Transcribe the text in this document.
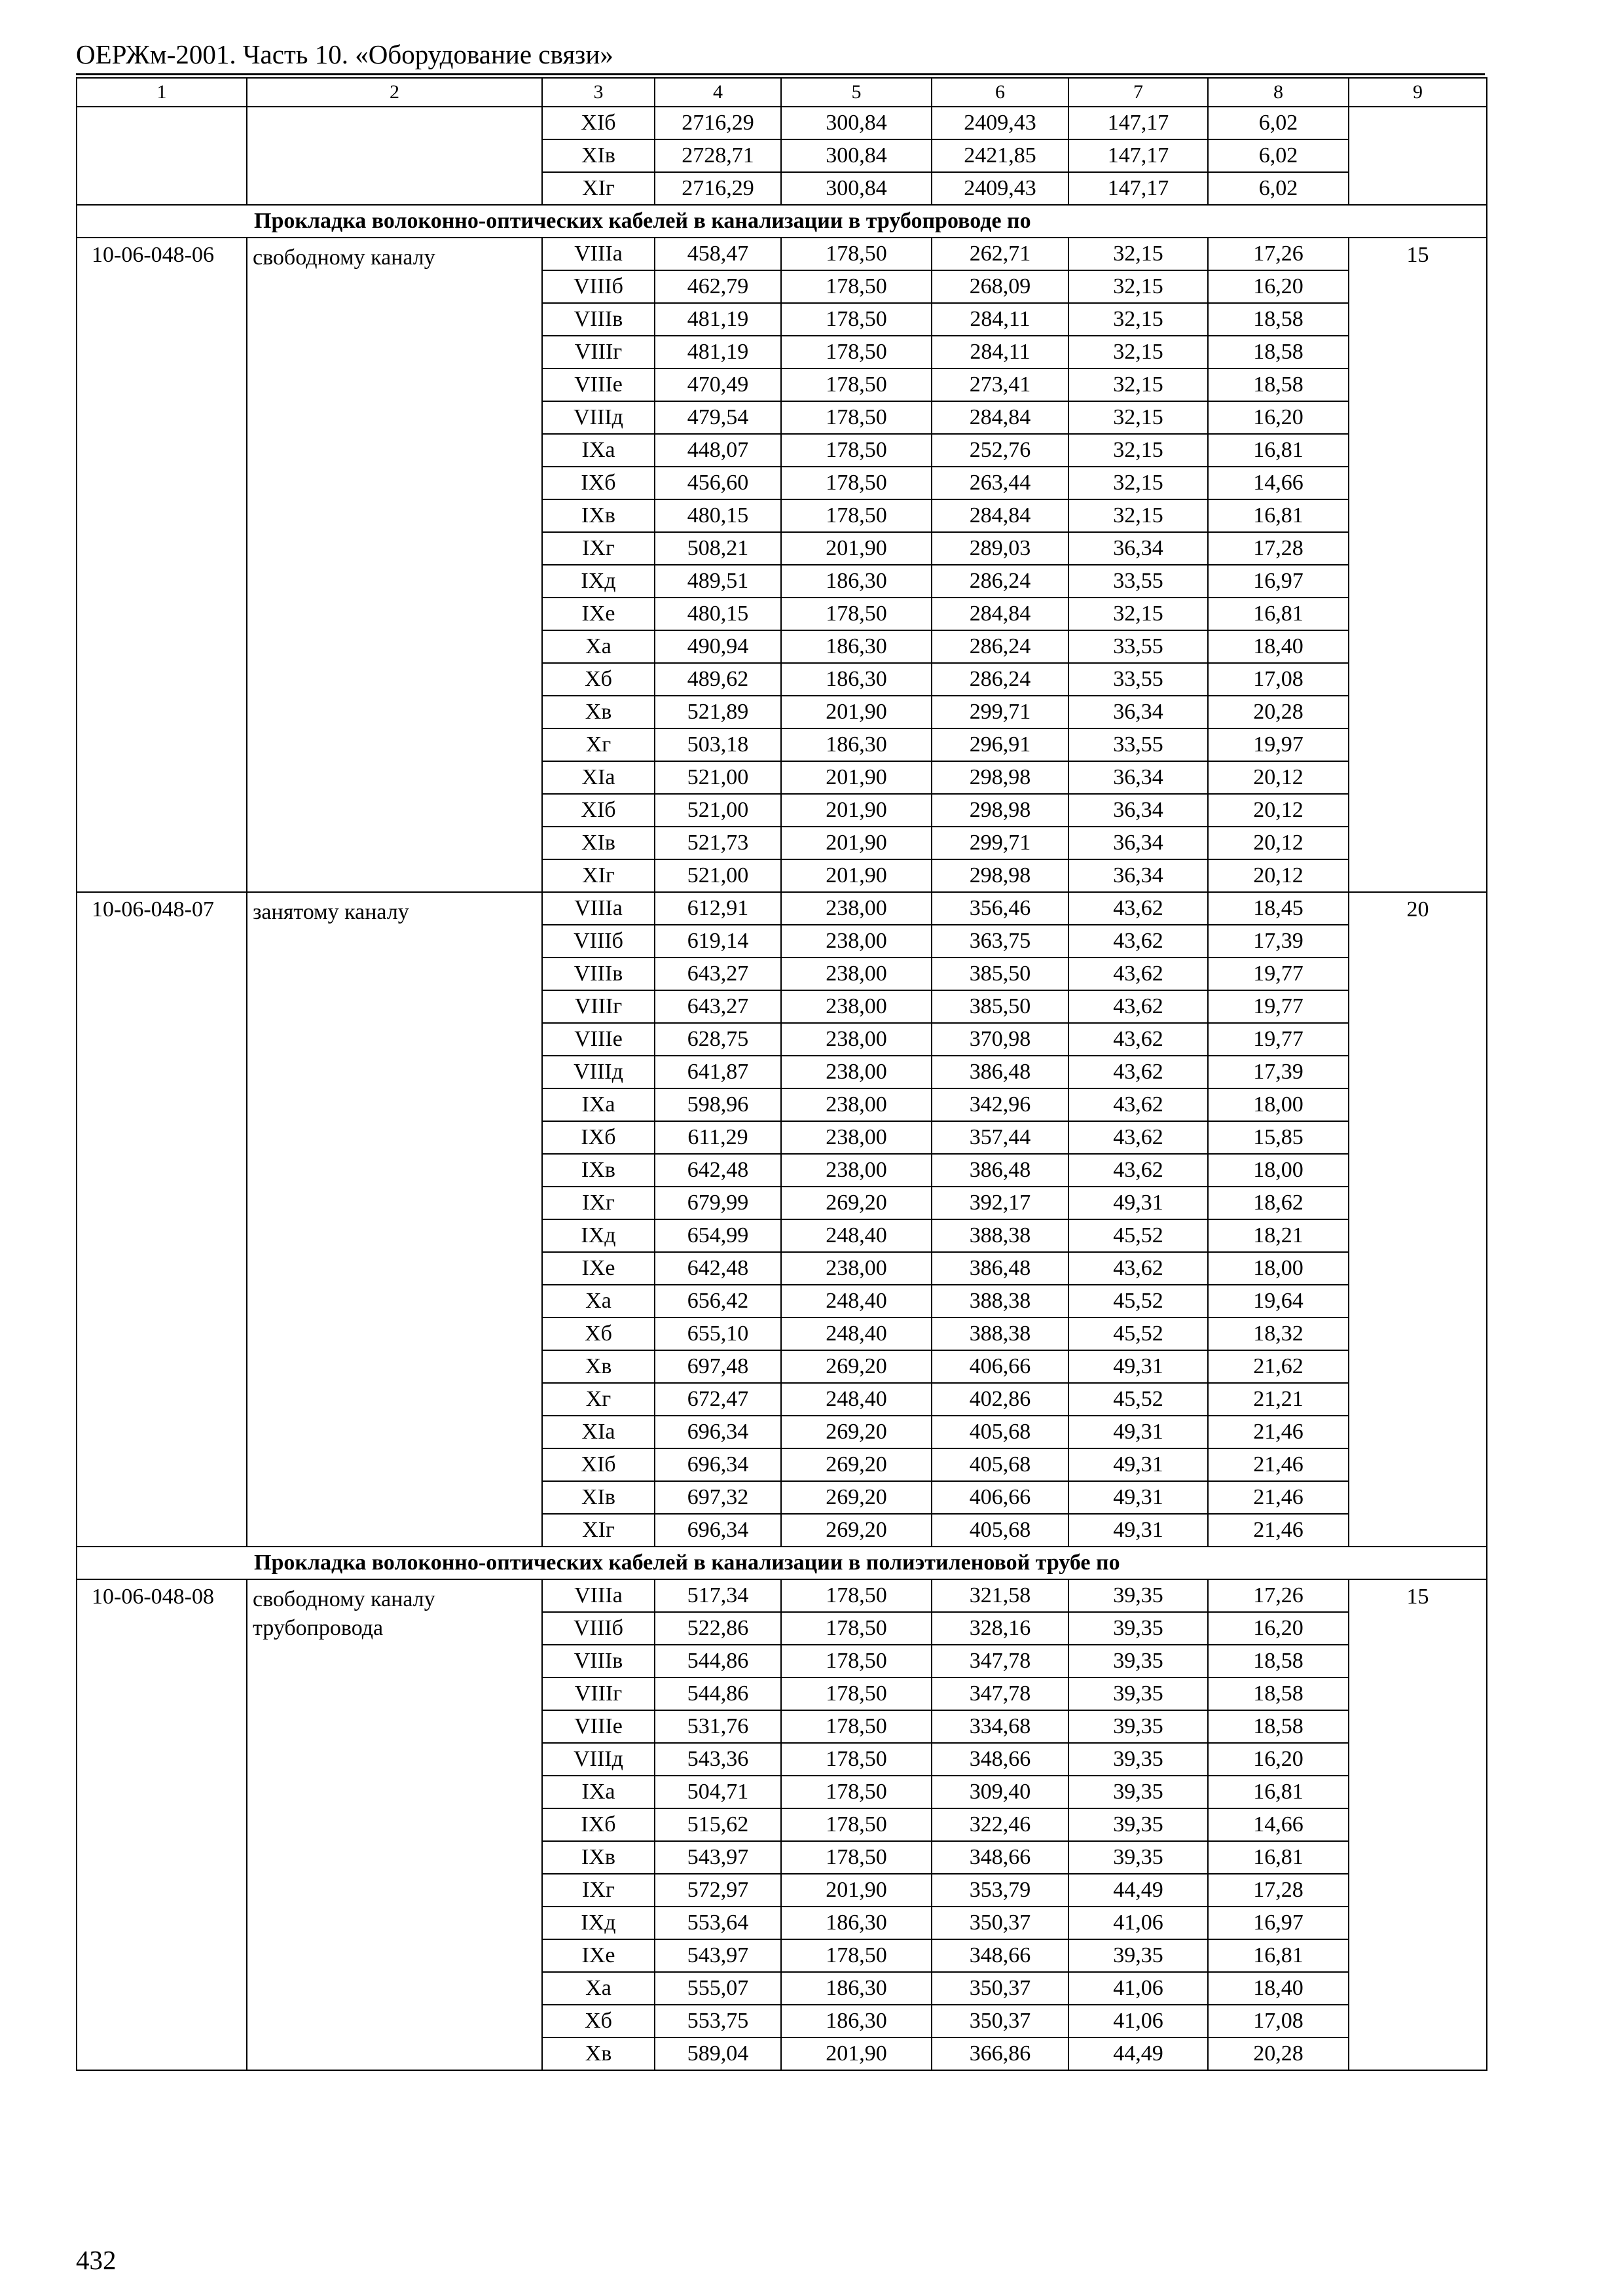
ОЕРЖм-2001. Часть 10. «Оборудование связи»
1	2	3	4	5	6	7	8	9
		XIб	2716,29	300,84	2409,43	147,17	6,02	
		XIв	2728,71	300,84	2421,85	147,17	6,02	
		XIг	2716,29	300,84	2409,43	147,17	6,02	
Прокладка волоконно-оптических кабелей в канализации в трубопроводе по								
10-06-048-06	свободному каналу	VIIIа	458,47	178,50	262,71	32,15	17,26	15
		VIIIб	462,79	178,50	268,09	32,15	16,20	
		VIIIв	481,19	178,50	284,11	32,15	18,58	
		VIIIг	481,19	178,50	284,11	32,15	18,58	
		VIIIе	470,49	178,50	273,41	32,15	18,58	
		VIIIд	479,54	178,50	284,84	32,15	16,20	
		IXа	448,07	178,50	252,76	32,15	16,81	
		IXб	456,60	178,50	263,44	32,15	14,66	
		IXв	480,15	178,50	284,84	32,15	16,81	
		IXг	508,21	201,90	289,03	36,34	17,28	
		IXд	489,51	186,30	286,24	33,55	16,97	
		IXе	480,15	178,50	284,84	32,15	16,81	
		Xа	490,94	186,30	286,24	33,55	18,40	
		Xб	489,62	186,30	286,24	33,55	17,08	
		Xв	521,89	201,90	299,71	36,34	20,28	
		Xг	503,18	186,30	296,91	33,55	19,97	
		XIа	521,00	201,90	298,98	36,34	20,12	
		XIб	521,00	201,90	298,98	36,34	20,12	
		XIв	521,73	201,90	299,71	36,34	20,12	
		XIг	521,00	201,90	298,98	36,34	20,12	
10-06-048-07	занятому каналу	VIIIа	612,91	238,00	356,46	43,62	18,45	20
		VIIIб	619,14	238,00	363,75	43,62	17,39	
		VIIIв	643,27	238,00	385,50	43,62	19,77	
		VIIIг	643,27	238,00	385,50	43,62	19,77	
		VIIIе	628,75	238,00	370,98	43,62	19,77	
		VIIIд	641,87	238,00	386,48	43,62	17,39	
		IXа	598,96	238,00	342,96	43,62	18,00	
		IXб	611,29	238,00	357,44	43,62	15,85	
		IXв	642,48	238,00	386,48	43,62	18,00	
		IXг	679,99	269,20	392,17	49,31	18,62	
		IXд	654,99	248,40	388,38	45,52	18,21	
		IXе	642,48	238,00	386,48	43,62	18,00	
		Xа	656,42	248,40	388,38	45,52	19,64	
		Xб	655,10	248,40	388,38	45,52	18,32	
		Xв	697,48	269,20	406,66	49,31	21,62	
		Xг	672,47	248,40	402,86	45,52	21,21	
		XIа	696,34	269,20	405,68	49,31	21,46	
		XIб	696,34	269,20	405,68	49,31	21,46	
		XIв	697,32	269,20	406,66	49,31	21,46	
		XIг	696,34	269,20	405,68	49,31	21,46	
Прокладка волоконно-оптических кабелей в канализации в полиэтиленовой трубе по								
10-06-048-08	свободному каналу трубопровода	VIIIа	517,34	178,50	321,58	39,35	17,26	15
		VIIIб	522,86	178,50	328,16	39,35	16,20	
		VIIIв	544,86	178,50	347,78	39,35	18,58	
		VIIIг	544,86	178,50	347,78	39,35	18,58	
		VIIIе	531,76	178,50	334,68	39,35	18,58	
		VIIIд	543,36	178,50	348,66	39,35	16,20	
		IXа	504,71	178,50	309,40	39,35	16,81	
		IXб	515,62	178,50	322,46	39,35	14,66	
		IXв	543,97	178,50	348,66	39,35	16,81	
		IXг	572,97	201,90	353,79	44,49	17,28	
		IXд	553,64	186,30	350,37	41,06	16,97	
		IXе	543,97	178,50	348,66	39,35	16,81	
		Xа	555,07	186,30	350,37	41,06	18,40	
		Xб	553,75	186,30	350,37	41,06	17,08	
		Xв	589,04	201,90	366,86	44,49	20,28	
432
